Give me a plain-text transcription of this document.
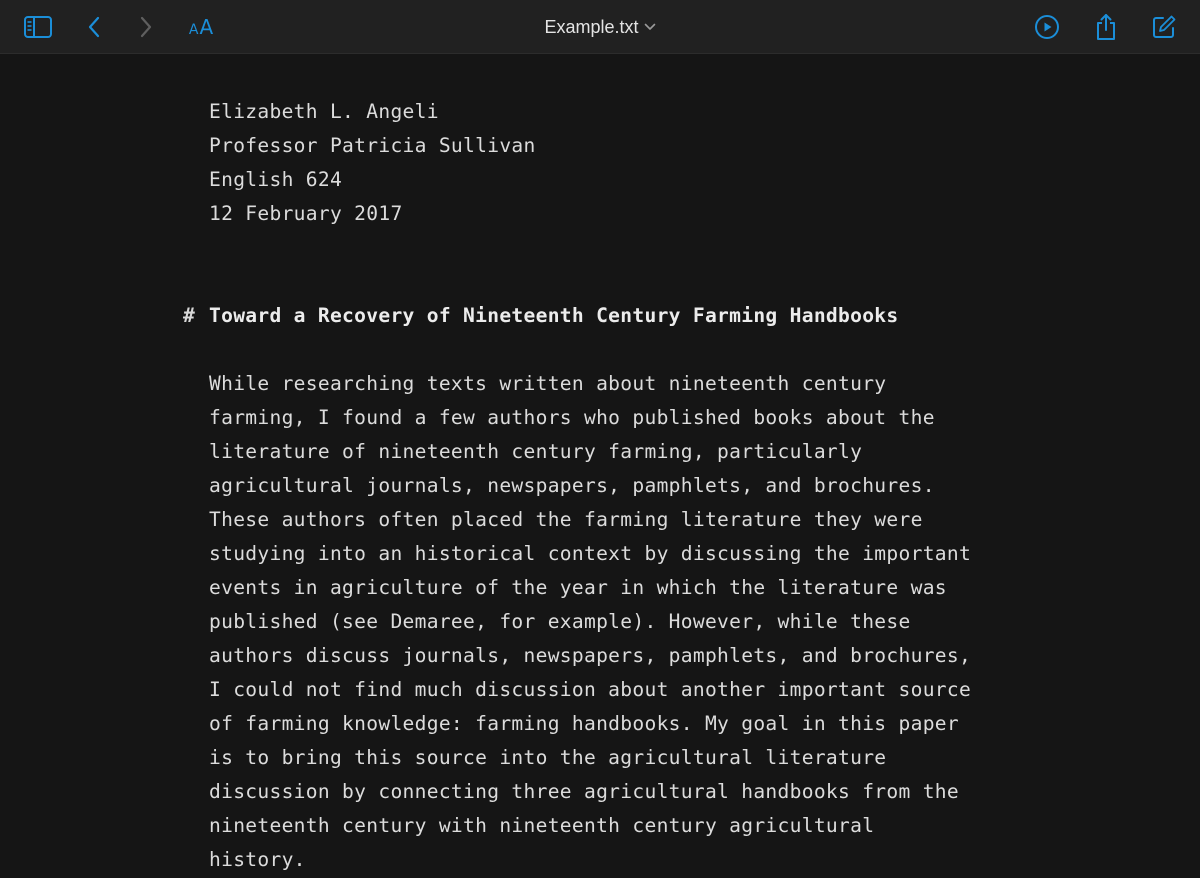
A A	Example.txt

Elizabeth L. Angeli

Professor Patricia Sullivan

English 624

12 February 2017

# Toward a Recovery of Nineteenth Century Farming Handbooks

While researching texts written about nineteenth century

farming, I found a few authors who published books about the

literature of nineteenth century farming, particularly

agricultural journals, newspapers, pamphlets, and brochures.

These authors often placed the farming literature they were

studying into an historical context by discussing the important

events in agriculture of the year in which the literature was

published (see Demaree, for example). However, while these

authors discuss journals, newspapers, pamphlets, and brochures,

I could not find much discussion about another important source

of farming knowledge: farming handbooks. My goal in this paper

is to bring this source into the agricultural literature

discussion by connecting three agricultural handbooks from the

nineteenth century with nineteenth century agricultural

history.
